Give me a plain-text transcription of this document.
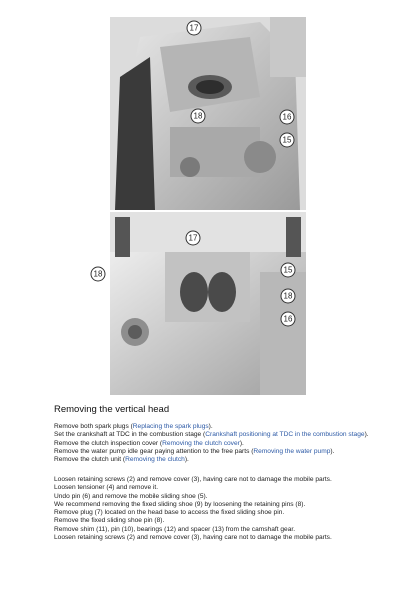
17
18	16
15
17
15
18
16
18
Removing the vertical head
Remove both spark plugs (Replacing the spark plugs).
Set the crankshaft at TDC in the combustion stage (Crankshaft positioning at TDC in the combustion stage).
Remove the clutch inspection cover (Removing the clutch cover).
Remove the water pump idle gear paying attention to the free parts (Removing the water pump).
Remove the clutch unit (Removing the clutch).
Loosen retaining screws (2) and remove cover (3), having care not to damage the mobile parts.
Loosen tensioner (4) and remove it.
Undo pin (6) and remove the mobile sliding shoe (5).
We recommend removing the fixed sliding shoe (9) by loosening the retaining pins (8).
Remove plug (7) located on the head base to access the fixed sliding shoe pin.
Remove the fixed sliding shoe pin (8).
Remove shim (11), pin (10), bearings (12) and spacer (13) from the camshaft gear.
Loosen retaining screws (2) and remove cover (3), having care not to damage the mobile parts.
